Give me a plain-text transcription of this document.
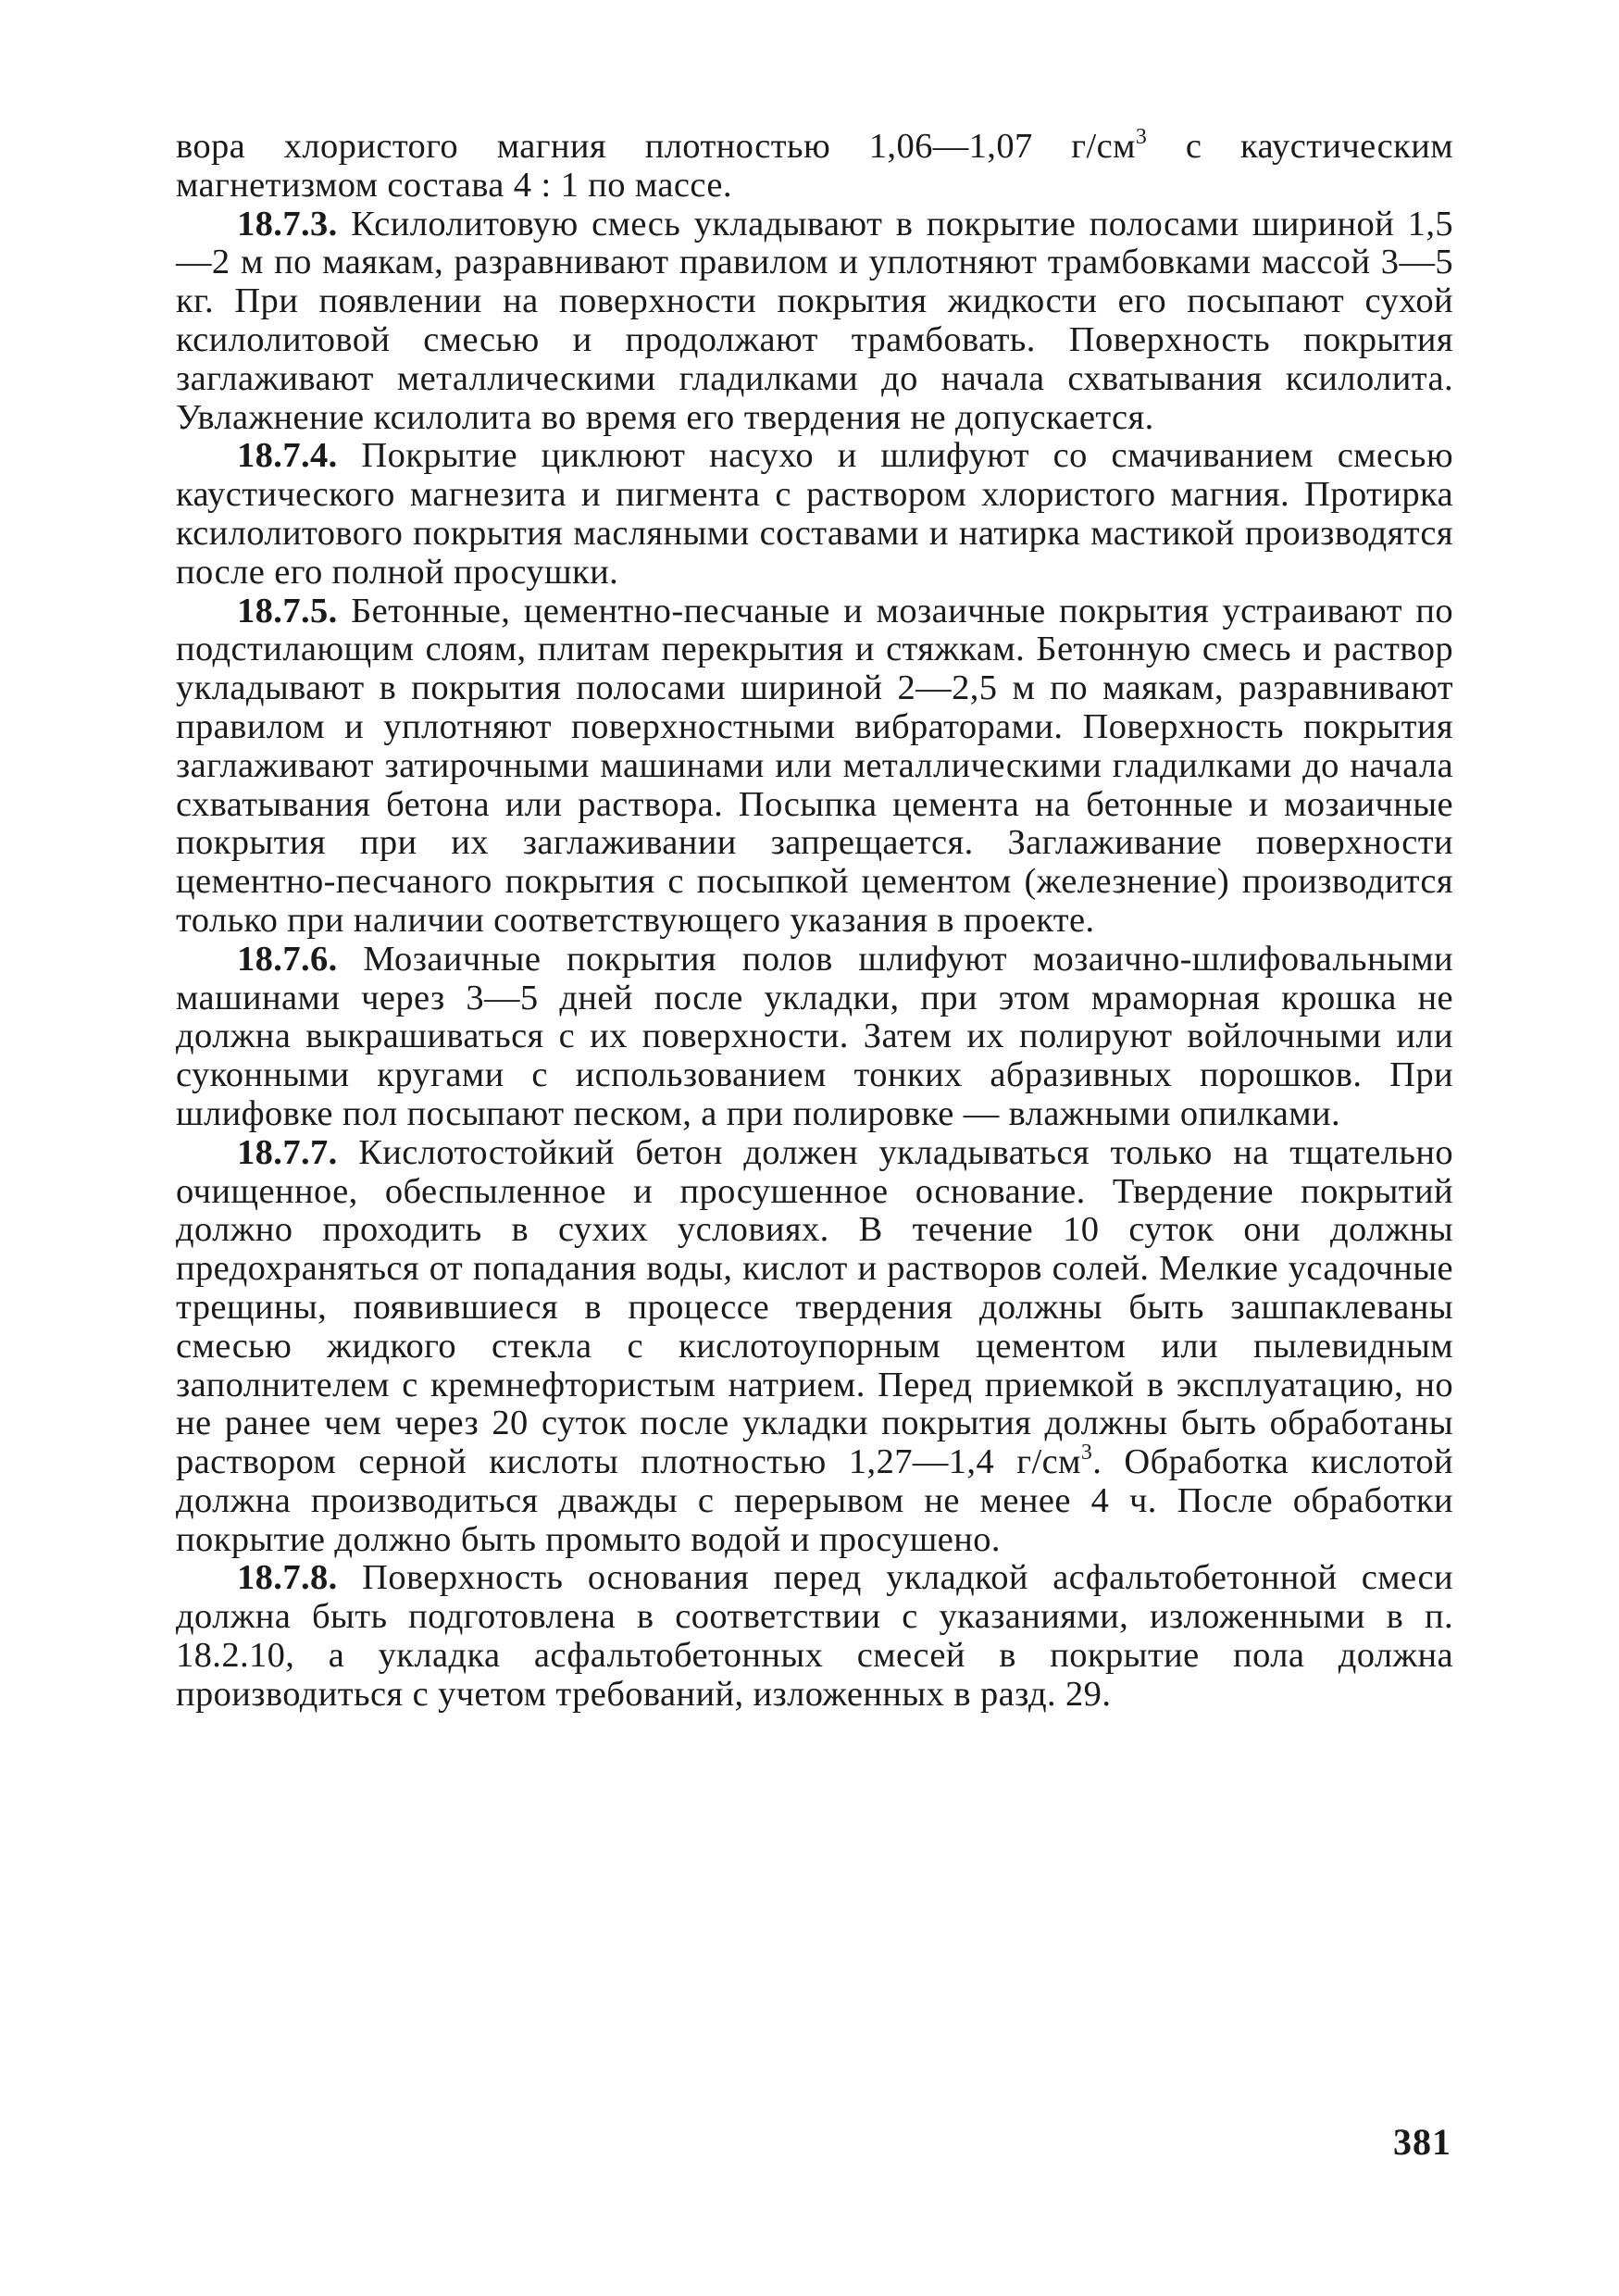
вора хлористого магния плотностью 1,06—1,07 $г/см^3$ с каустическим магнетизмом состава 4 : 1 по массе.

18.7.3. Ксилолитовую смесь укладывают в покрытие полосами шириной 1,5—2 м по маякам, разравнивают правилом и уплотняют трамбовками массой 3—5 кг. При появлении на поверхности покрытия жидкости его посыпают сухой ксилолитовой смесью и продолжают трамбовать. Поверхность покрытия заглаживают металлическими гладилками до начала схватывания ксилолита. Увлажнение ксилолита во время его твердения не допускается.

18.7.4. Покрытие циклюют насухо и шлифуют со смачиванием смесью каустического магнезита и пигмента с раствором хлористого магния. Протирка ксилолитового покрытия масляными составами и натирка мастикой производятся после его полной просушки.

18.7.5. Бетонные, цементно-песчаные и мозаичные покрытия устраивают по подстилающим слоям, плитам перекрытия и стяжкам. Бетонную смесь и раствор укладывают в покрытия полосами шириной 2—2,5 м по маякам, разравнивают правилом и уплотняют поверхностными вибраторами. Поверхность покрытия заглаживают затирочными машинами или металлическими гладилками до начала схватывания бетона или раствора. Посыпка цемента на бетонные и мозаичные покрытия при их заглаживании запрещается. Заглаживание поверхности цементно-песчаного покрытия с посыпкой цементом (железнение) производится только при наличии соответствующего указания в проекте.

18.7.6. Мозаичные покрытия полов шлифуют мозаично-шлифовальными машинами через 3—5 дней после укладки, при этом мраморная крошка не должна выкрашиваться с их поверхности. Затем их полируют войлочными или суконными кругами с использованием тонких абразивных порошков. При шлифовке пол посыпают песком, а при полировке — влажными опилками.

18.7.7. Кислотостойкий бетон должен укладываться только на тщательно очищенное, обеспыленное и просушенное основание. Твердение покрытий должно проходить в сухих условиях. В течение 10 суток они должны предохраняться от попадания воды, кислот и растворов солей. Мелкие усадочные трещины, появившиеся в процессе твердения должны быть зашпаклеваны смесью жидкого стекла с кислотоупорным цементом или пылевидным заполнителем с кремнефтористым натрием. Перед приемкой в эксплуатацию, но не ранее чем через 20 суток после укладки покрытия должны быть обработаны раствором серной кислоты плотностью 1,27—1,4 $г/см^3$. Обработка кислотой должна производиться дважды с перерывом не менее 4 ч. После обработки покрытие должно быть промыто водой и просушено.

18.7.8. Поверхность основания перед укладкой асфальтобетонной смеси должна быть подготовлена в соответствии с указаниями, изложенными в п. 18.2.10, а укладка асфальтобетонных смесей в покрытие пола должна производиться с учетом требований, изложенных в разд. 29.

381
